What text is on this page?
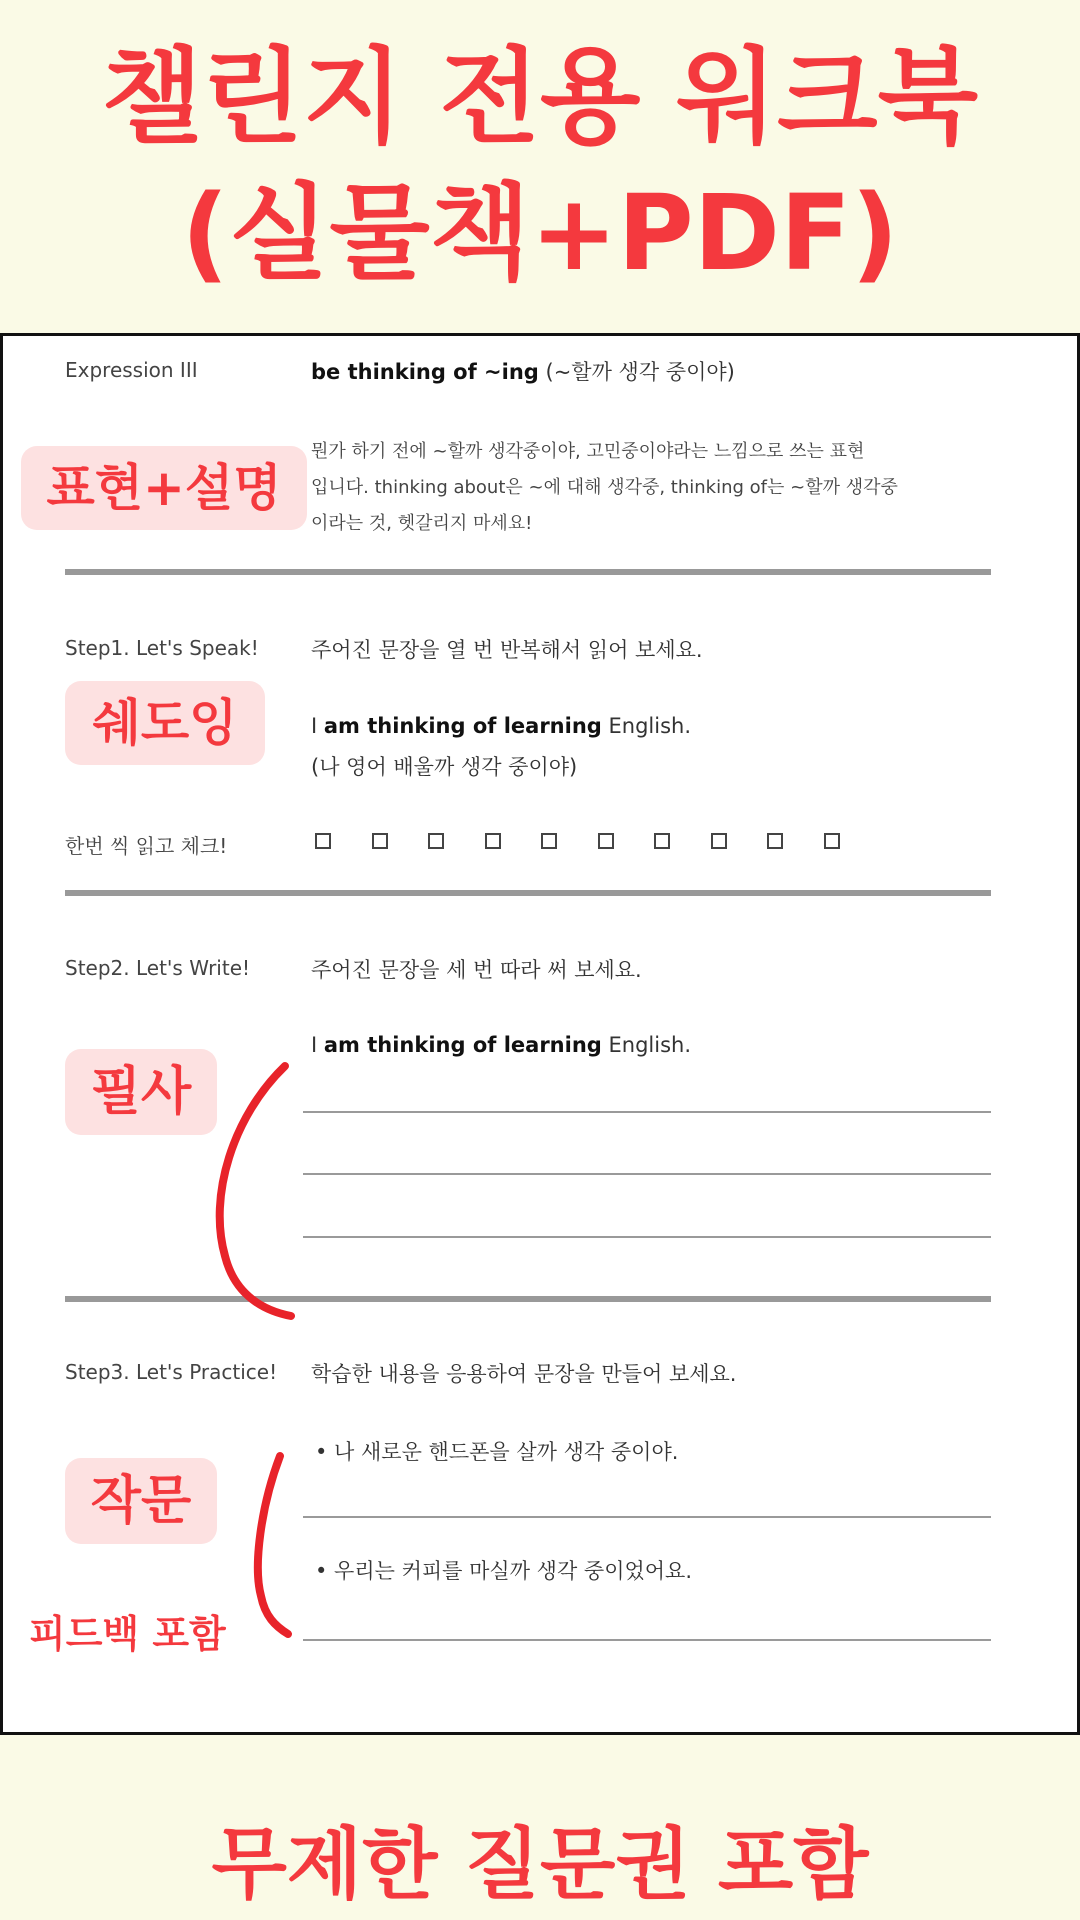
챌린지 전용 워크북
(실물책+PDF)
Expression III	be thinking of ~ing (~할까 생각 중이야)
뭔가 하기 전에 ~할까 생각중이야, 고민중이야라는 느낌으로 쓰는 표현
입니다. thinking about은 ~에 대해 생각중, thinking of는 ~할까 생각중
이라는 것, 헷갈리지 마세요!
Step1. Let's Speak! 주어진 문장을 열 번 반복해서 읽어 보세요.
I am thinking of learning English.
(나 영어 배울까 생각 중이야)
한번 씩 읽고 체크!
Step2. Let's Write!	주어진 문장을 세 번 따라 써 보세요.
I am thinking of learning English.
Step3. Let's Practice! 학습한 내용을 응용하여 문장을 만들어 보세요.
• 나 새로운 핸드폰을 살까 생각 중이야.
• 우리는 커피를 마실까 생각 중이었어요.
표현+설명
쉐도잉
필사
작문
피드백 포함
무제한 질문권 포함
